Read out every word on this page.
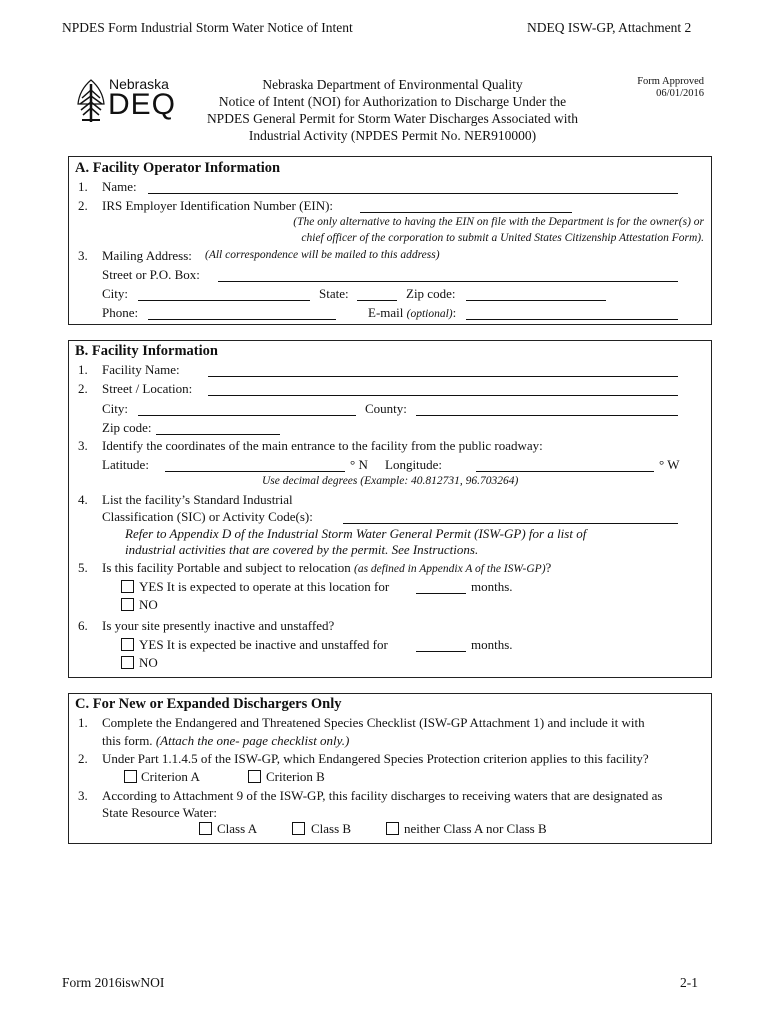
NPDES Form Industrial Storm Water Notice of Intent	NDEQ ISW-GP, Attachment 2
Nebraska
DEQ
Nebraska Department of Environmental Quality
Notice of Intent (NOI) for Authorization to Discharge Under the
NPDES General Permit for Storm Water Discharges Associated with
Industrial Activity (NPDES Permit No. NER910000)
Form Approved
06/01/2016
A. Facility Operator Information
1. Name:
2. IRS Employer Identification Number (EIN):
(The only alternative to having the EIN on file with the Department is for the owner(s) or
chief officer of the corporation to submit a United States Citizenship Attestation Form).
3. Mailing Address: (All correspondence will be mailed to this address)
Street or P.O. Box:
City:	State:	Zip code:
Phone:	E-mail (optional):
B. Facility Information
1. Facility Name:
2. Street / Location:
City:	County:
Zip code:
3. Identify the coordinates of the main entrance to the facility from the public roadway:
Latitude:	° N Longitude:	° W
Use decimal degrees (Example: 40.812731, 96.703264)
4. List the facility’s Standard Industrial
Classification (SIC) or Activity Code(s):
Refer to Appendix D of the Industrial Storm Water General Permit (ISW-GP) for a list of
industrial activities that are covered by the permit. See Instructions.
5. Is this facility Portable and subject to relocation (as defined in Appendix A of the ISW-GP)?
YES It is expected to operate at this location for	months.
NO
6. Is your site presently inactive and unstaffed?
YES It is expected be inactive and unstaffed for	months.
NO
C. For New or Expanded Dischargers Only
1. Complete the Endangered and Threatened Species Checklist (ISW-GP Attachment 1) and include it with
this form. (Attach the one- page checklist only.)
2. Under Part 1.1.4.5 of the ISW-GP, which Endangered Species Protection criterion applies to this facility?
Criterion A	Criterion B
3. According to Attachment 9 of the ISW-GP, this facility discharges to receiving waters that are designated as
State Resource Water:
Class A	Class B	neither Class A nor Class B
Form 2016iswNOI	2-1
